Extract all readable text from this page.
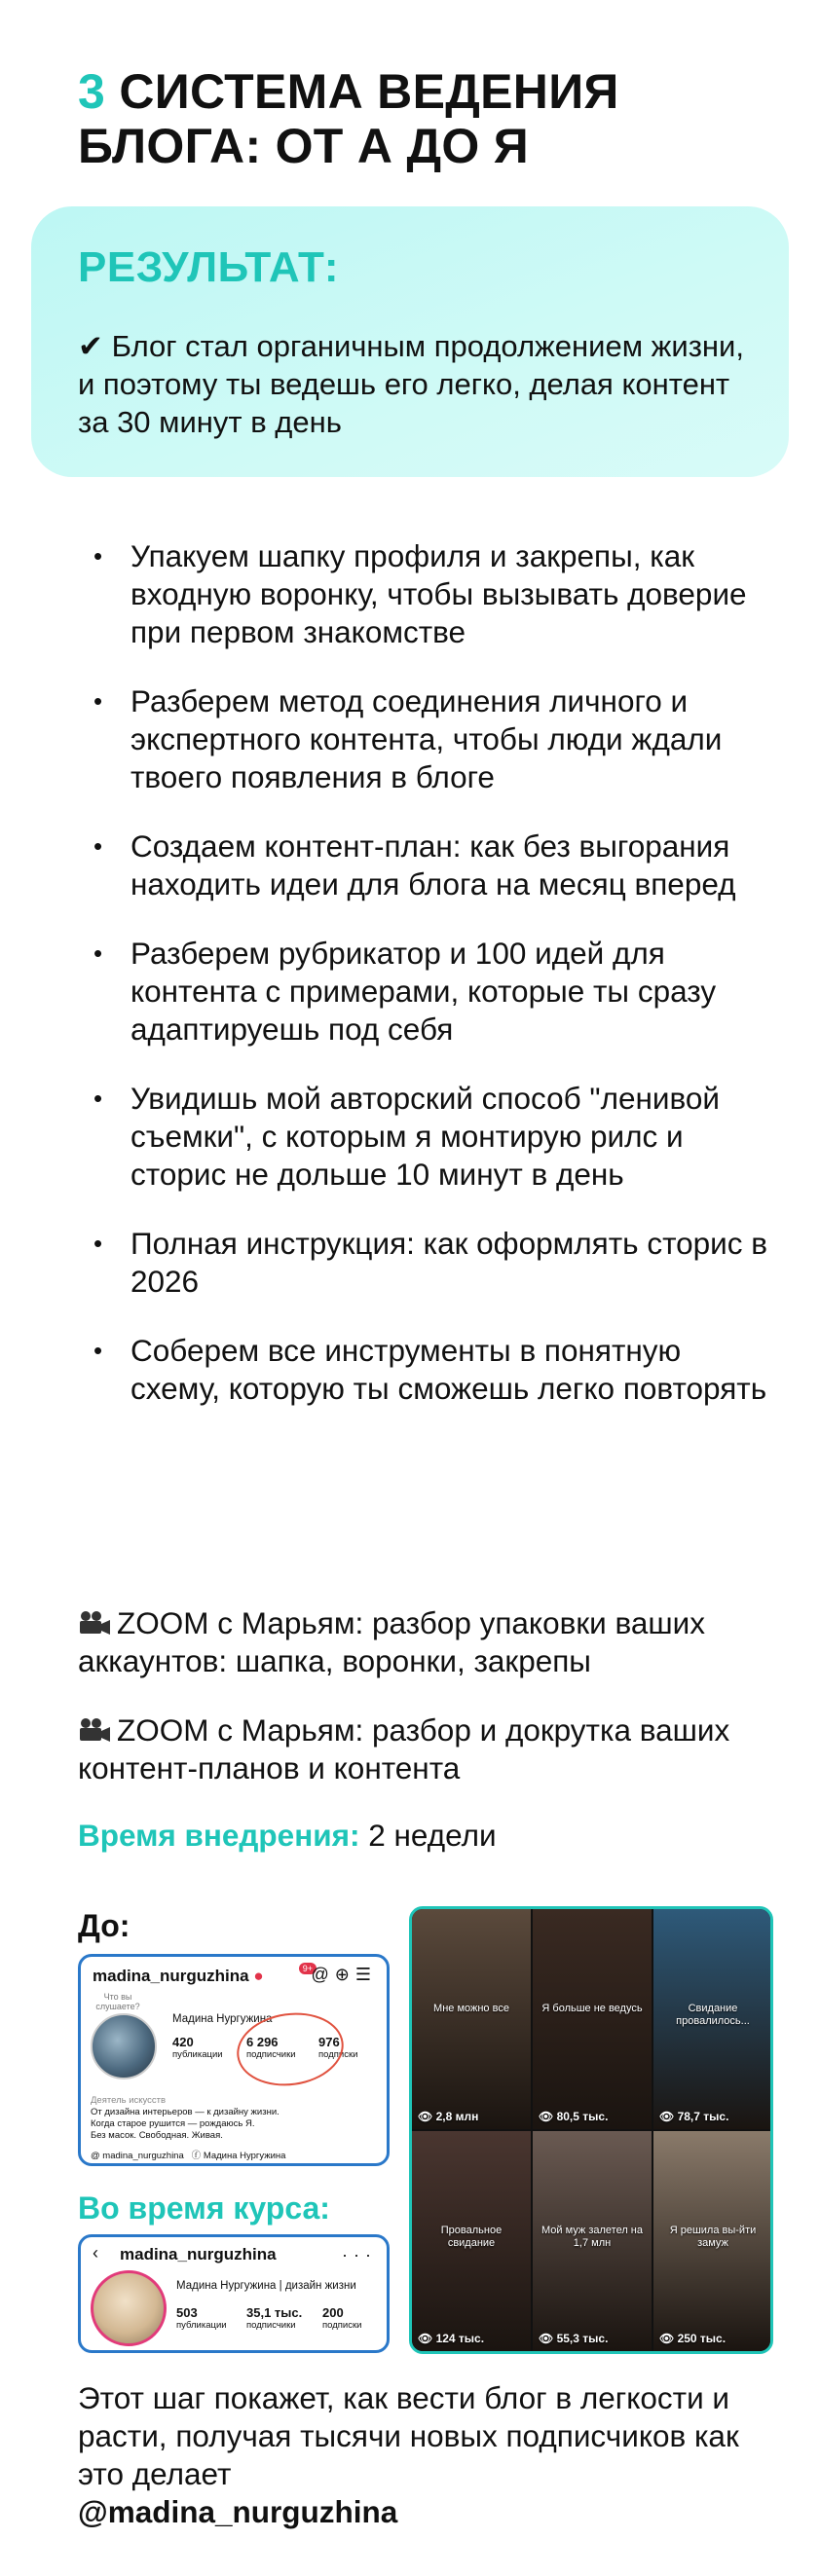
3 СИСТЕМА ВЕДЕНИЯ БЛОГА: ОТ А ДО Я
РЕЗУЛЬТАТ:
✔ Блог стал органичным продолжением жизни, и поэтому ты ведешь его легко, делая контент за 30 минут в день
• Упакуем шапку профиля и закрепы, как входную воронку, чтобы вызывать доверие при первом знакомстве
• Разберем метод соединения личного и экспертного контента, чтобы люди ждали твоего появления в блоге
• Создаем контент-план: как без выгорания находить идеи для блога на месяц вперед
• Разберем рубрикатор и 100 идей для контента с примерами, которые ты сразу адаптируешь под себя
• Увидишь мой авторский способ "ленивой съемки", с которым я монтирую рилс и сторис не дольше 10 минут в день
• Полная инструкция: как оформлять сторис в 2026
• Соберем все инструменты в понятную схему, которую ты сможешь легко повторять
ZOOM с Марьям: разбор упаковки ваших аккаунтов: шапка, воронки, закрепы
ZOOM с Марьям: разбор и докрутка ваших контент-планов и контента
Время внедрения: 2 недели
До:
madina_nurguzhina ●	9+
@⊕☰
Что вы слушаете?
Мадина Нургужина
420
публикации
6 296
подписчики
976
подписки
Деятель искусств
От дизайна интерьеров — к дизайну жизни.
Когда старое рушится — рождаюсь Я.
Без масок. Свободная. Живая.
@ madina_nurguzhina   ⓕ Мадина Нургужина
Во время курса:
‹ madina_nurguzhina	···
Мадина Нургужина | дизайн жизни
503
публикации
35,1 тыс.
подписчики
200
подписки
Мне можно все
👁 2,8 млн
Я больше не ведусь
👁 80,5 тыс.
Свидание провалилось...
👁 78,7 тыс.
Провальное свидание
👁 124 тыс.
Мой муж залетел на 1,7 млн
👁 55,3 тыс.
Я решила вы-йти замуж
👁 250 тыс.
Этот шаг покажет, как вести блог в легкости и расти, получая тысячи новых подписчиков как это делает
@madina_nurguzhina
